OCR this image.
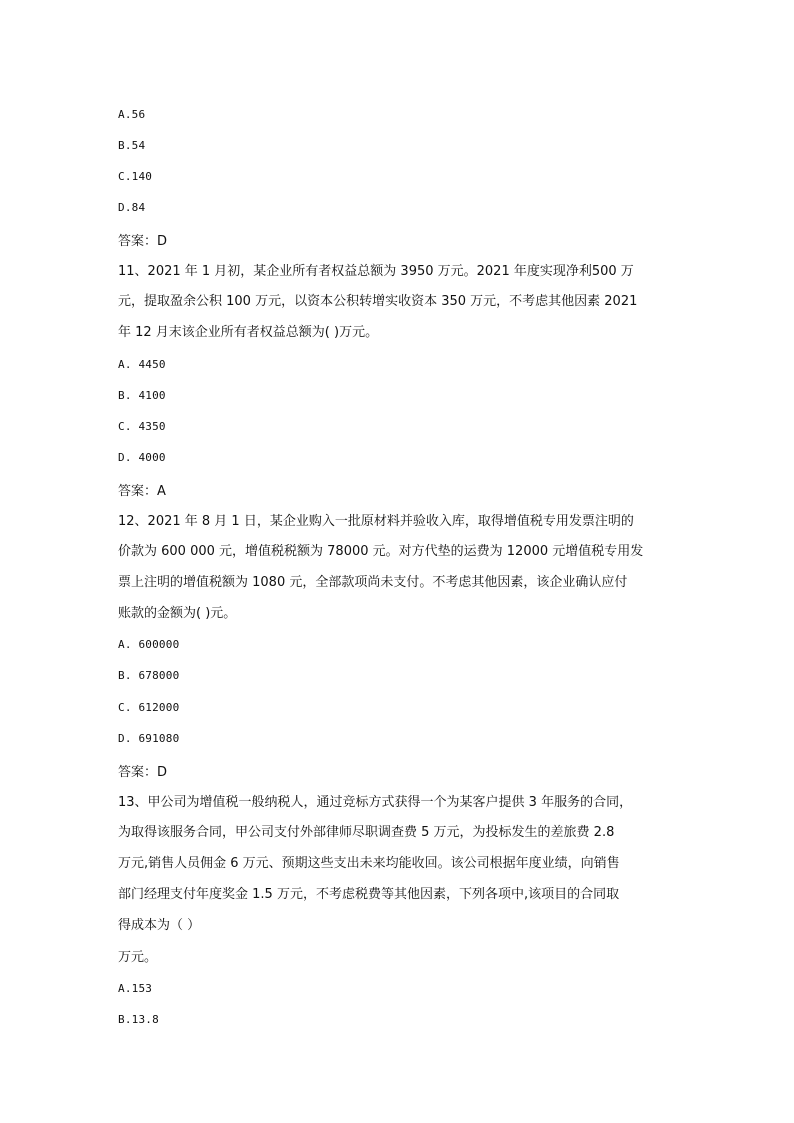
A.56
B.54
C.140
D.84
答案：D
11、2021 年 1 月初，某企业所有者权益总额为 3950 万元。2021 年度实现净利500 万
元，提取盈余公积 100 万元，以资本公积转增实收资本 350 万元，不考虑其他因素 2021
年 12 月末该企业所有者权益总额为( )万元。
A. 4450
B. 4100
C. 4350
D. 4000
答案：A
12、2021 年 8 月 1 日，某企业购入一批原材料并验收入库，取得增值税专用发票注明的
价款为 600 000 元，增值税税额为 78000 元。对方代垫的运费为 12000 元增值税专用发
票上注明的增值税额为 1080 元，全部款项尚未支付。不考虑其他因素，该企业确认应付
账款的金额为( )元。
A. 600000
B. 678000
C. 612000
D. 691080
答案：D
13、甲公司为增值税一般纳税人，通过竞标方式获得一个为某客户提供 3 年服务的合同，
为取得该服务合同，甲公司支付外部律师尽职调查费 5 万元，为投标发生的差旅费 2.8
万元,销售人员佣金 6 万元、预期这些支出未来均能收回。该公司根据年度业绩，向销售
部门经理支付年度奖金 1.5 万元，不考虑税费等其他因素，下列各项中,该项目的合同取
得成本为（ ）
万元。
A.153
B.13.8
